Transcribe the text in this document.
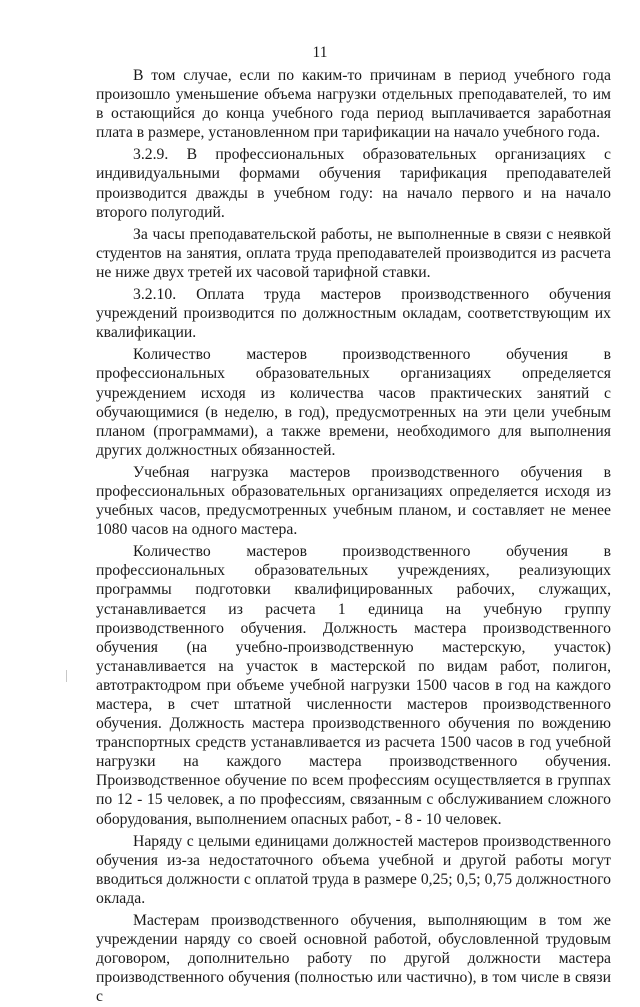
11

В том случае, если по каким-то причинам в период учебного года произошло уменьшение объема нагрузки отдельных преподавателей, то им в остающийся до конца учебного года период выплачивается заработная плата в размере, установленном при тарификации на начало учебного года.

3.2.9. В профессиональных образовательных организациях с индивидуальными формами обучения тарификация преподавателей производится дважды в учебном году: на начало первого и на начало второго полугодий.

За часы преподавательской работы, не выполненные в связи с неявкой студентов на занятия, оплата труда преподавателей производится из расчета не ниже двух третей их часовой тарифной ставки.

3.2.10. Оплата труда мастеров производственного обучения учреждений производится по должностным окладам, соответствующим их квалификации.

Количество мастеров производственного обучения в профессиональных образовательных организациях определяется учреждением исходя из количества часов практических занятий с обучающимися (в неделю, в год), предусмотренных на эти цели учебным планом (программами), а также времени, необходимого для выполнения других должностных обязанностей.

Учебная нагрузка мастеров производственного обучения в профессиональных образовательных организациях определяется исходя из учебных часов, предусмотренных учебным планом, и составляет не менее 1080 часов на одного мастера.

Количество мастеров производственного обучения в профессиональных образовательных учреждениях, реализующих программы подготовки квалифицированных рабочих, служащих, устанавливается из расчета 1 единица на учебную группу производственного обучения. Должность мастера производственного обучения (на учебно-производственную мастерскую, участок) устанавливается на участок в мастерской по видам работ, полигон, автотрактодром при объеме учебной нагрузки 1500 часов в год на каждого мастера, в счет штатной численности мастеров производственного обучения. Должность мастера производственного обучения по вождению транспортных средств устанавливается из расчета 1500 часов в год учебной нагрузки на каждого мастера производственного обучения. Производственное обучение по всем профессиям осуществляется в группах по 12 - 15 человек, а по профессиям, связанным с обслуживанием сложного оборудования, выполнением опасных работ, - 8 - 10 человек.

Наряду с целыми единицами должностей мастеров производственного обучения из-за недостаточного объема учебной и другой работы могут вводиться должности с оплатой труда в размере 0,25; 0,5; 0,75 должностного оклада.

Мастерам производственного обучения, выполняющим в том же учреждении наряду со своей основной работой, обусловленной трудовым договором, дополнительно работу по другой должности мастера производственного обучения (полностью или частично), в том числе в связи с
